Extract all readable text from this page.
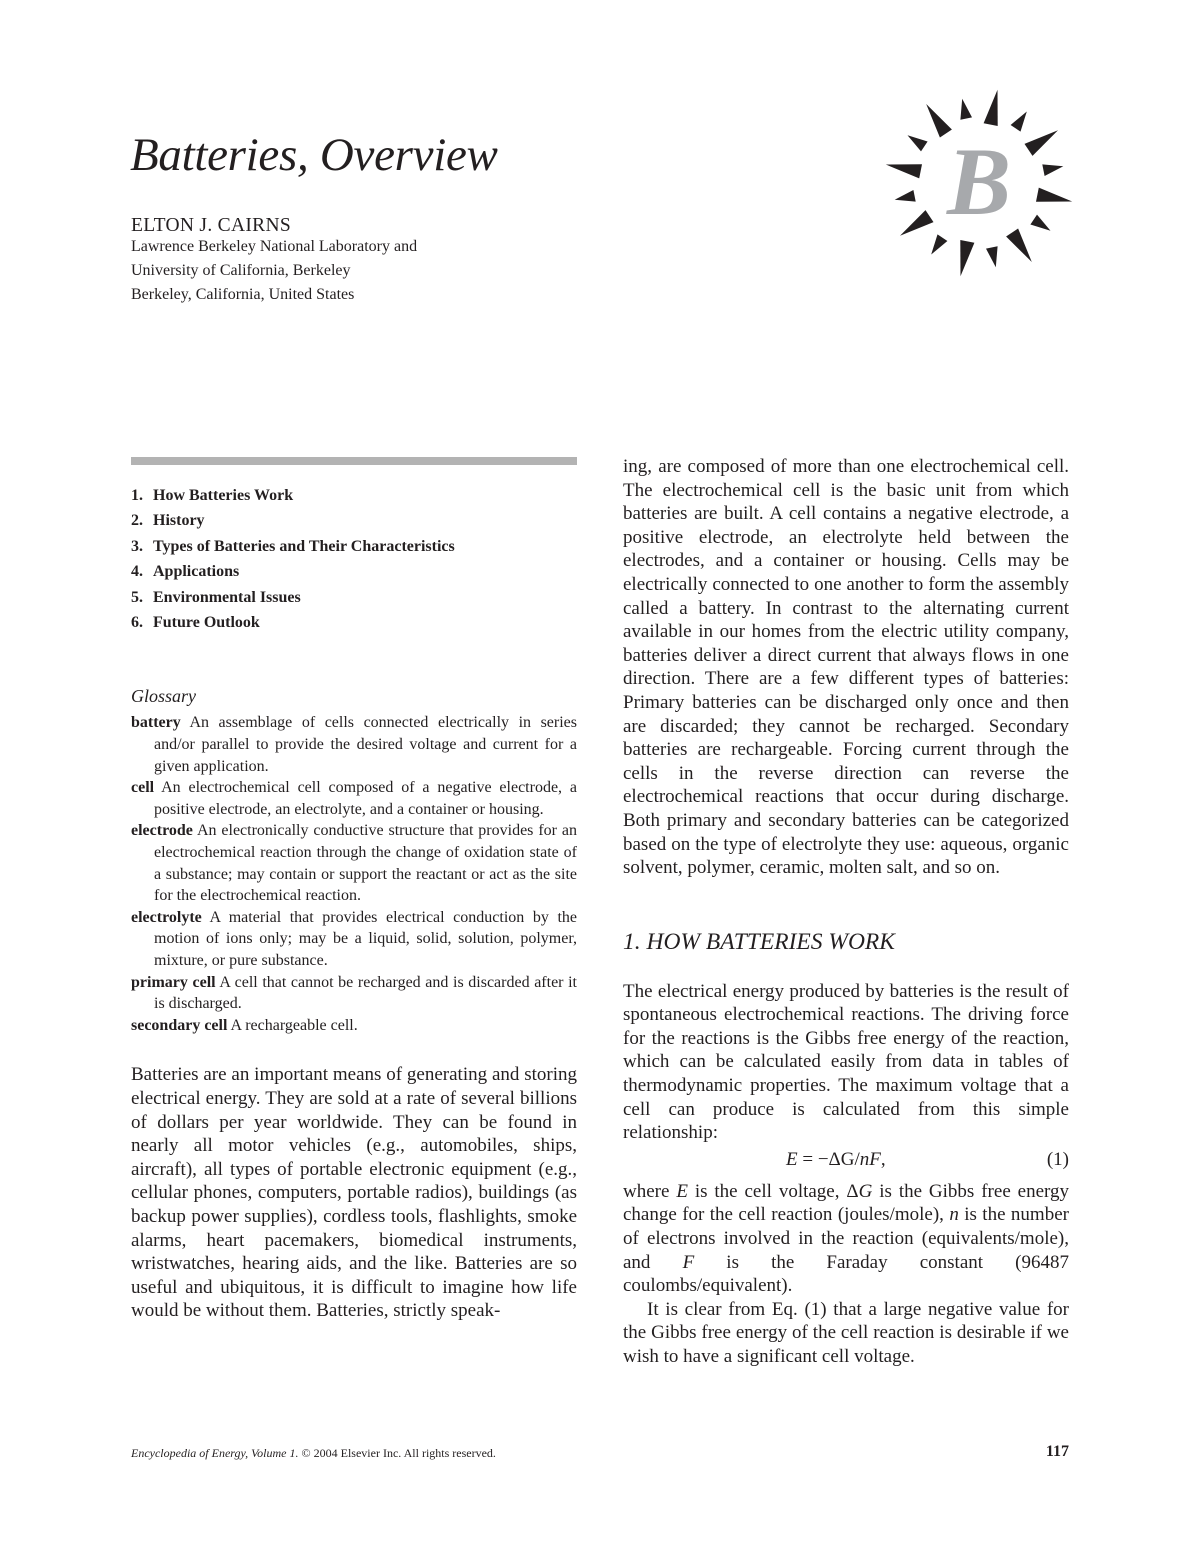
Batteries, Overview
ELTON J. CAIRNS
Lawrence Berkeley National Laboratory and
University of California, Berkeley
Berkeley, California, United States
B
1. How Batteries Work
2. History
3. Types of Batteries and Their Characteristics
4. Applications
5. Environmental Issues
6. Future Outlook
Glossary

battery An assemblage of cells connected electrically in series and/or parallel to provide the desired voltage and current for a given application.

cell An electrochemical cell composed of a negative electrode, a positive electrode, an electrolyte, and a container or housing.

electrode An electronically conductive structure that provides for an electrochemical reaction through the change of oxidation state of a substance; may contain or support the reactant or act as the site for the electrochemical reaction.

electrolyte A material that provides electrical conduction by the motion of ions only; may be a liquid, solid, solution, polymer, mixture, or pure substance.

primary cell A cell that cannot be recharged and is discarded after it is discharged.

secondary cell A rechargeable cell.

Batteries are an important means of generating and storing electrical energy. They are sold at a rate of several billions of dollars per year worldwide. They can be found in nearly all motor vehicles (e.g., automobiles, ships, aircraft), all types of portable electronic equipment (e.g., cellular phones, computers, portable radios), buildings (as backup power supplies), cordless tools, flashlights, smoke alarms, heart pacemakers, biomedical instruments, wristwatches, hearing aids, and the like. Batteries are so useful and ubiquitous, it is difficult to imagine how life would be without them. Batteries, strictly speak-

ing, are composed of more than one electrochemical cell. The electrochemical cell is the basic unit from which batteries are built. A cell contains a negative electrode, a positive electrode, an electrolyte held between the electrodes, and a container or housing. Cells may be electrically connected to one another to form the assembly called a battery. In contrast to the alternating current available in our homes from the electric utility company, batteries deliver a direct current that always flows in one direction. There are a few different types of batteries: Primary batteries can be discharged only once and then are discarded; they cannot be recharged. Secondary batteries are rechargeable. Forcing current through the cells in the reverse direction can reverse the electrochemical reactions that occur during discharge. Both primary and secondary batteries can be categorized based on the type of electrolyte they use: aqueous, organic solvent, polymer, ceramic, molten salt, and so on.

1. HOW BATTERIES WORK

The electrical energy produced by batteries is the result of spontaneous electrochemical reactions. The driving force for the reactions is the Gibbs free energy of the reaction, which can be calculated easily from data in tables of thermodynamic properties. The maximum voltage that a cell can produce is calculated from this simple relationship:

E = −ΔG/nF,	(1)

where E is the cell voltage, ΔG is the Gibbs free energy change for the cell reaction (joules/mole), n is the number of electrons involved in the reaction (equivalents/mole), and F is the Faraday constant (96487 coulombs/equivalent).

It is clear from Eq. (1) that a large negative value for the Gibbs free energy of the cell reaction is desirable if we wish to have a significant cell voltage.

Encyclopedia of Energy, Volume 1. © 2004 Elsevier Inc. All rights reserved.	117
